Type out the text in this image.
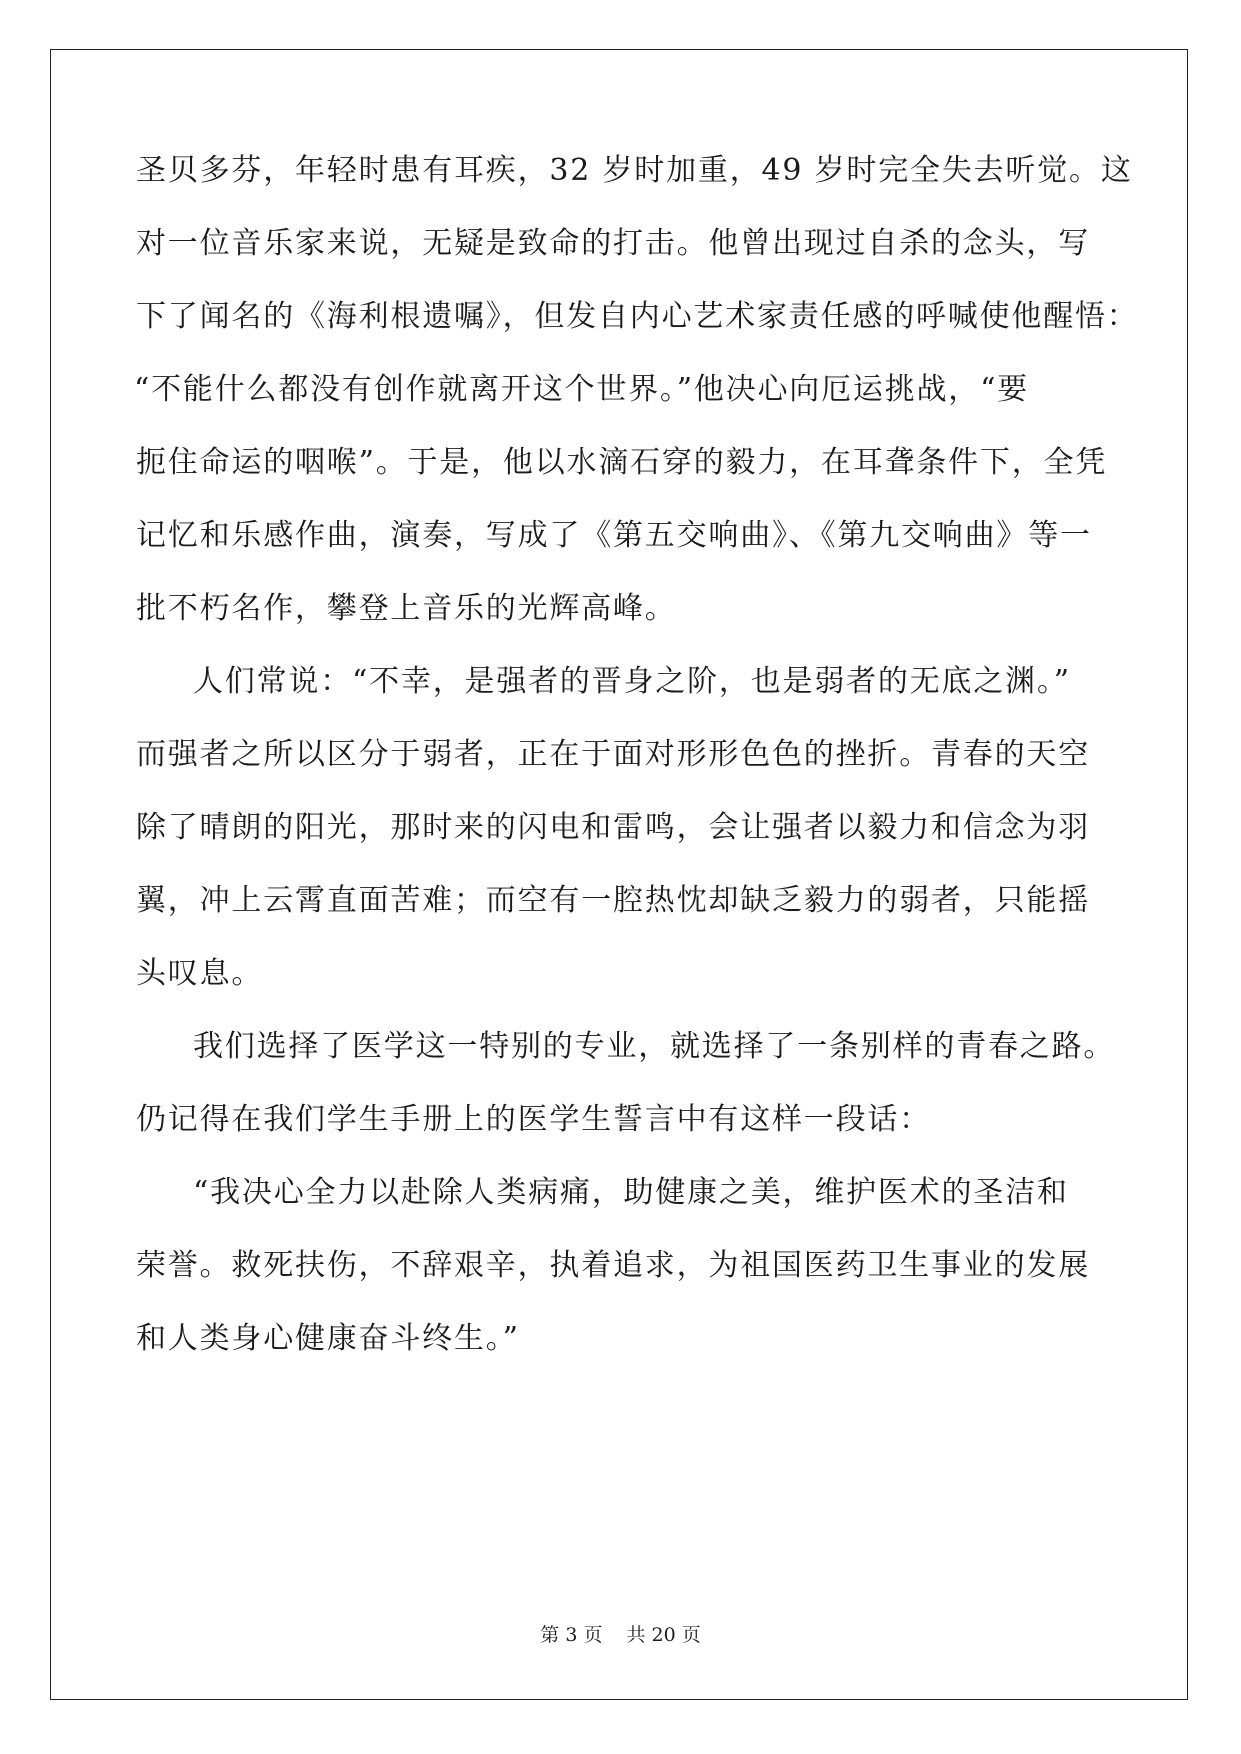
圣贝多芬，年轻时患有耳疾，32 岁时加重，49 岁时完全失去听觉。这
对一位音乐家来说，无疑是致命的打击。他曾出现过自杀的念头，写
下了闻名的《海利根遗嘱》，但发自内心艺术家责任感的呼喊使他醒悟：
“不能什么都没有创作就离开这个世界。”他决心向厄运挑战，“要
扼住命运的咽喉”。于是，他以水滴石穿的毅力，在耳聋条件下，全凭
记忆和乐感作曲，演奏，写成了《第五交响曲》、《第九交响曲》等一
批不朽名作，攀登上音乐的光辉高峰。
人们常说：“不幸，是强者的晋身之阶，也是弱者的无底之渊。”
而强者之所以区分于弱者，正在于面对形形色色的挫折。青春的天空
除了晴朗的阳光，那时来的闪电和雷鸣，会让强者以毅力和信念为羽
翼，冲上云霄直面苦难；而空有一腔热忱却缺乏毅力的弱者，只能摇
头叹息。
我们选择了医学这一特别的专业，就选择了一条别样的青春之路。
仍记得在我们学生手册上的医学生誓言中有这样一段话：
“我决心全力以赴除人类病痛，助健康之美，维护医术的圣洁和
荣誉。救死扶伤，不辞艰辛，执着追求，为祖国医药卫生事业的发展
和人类身心健康奋斗终生。”
第 3 页 共 20 页
